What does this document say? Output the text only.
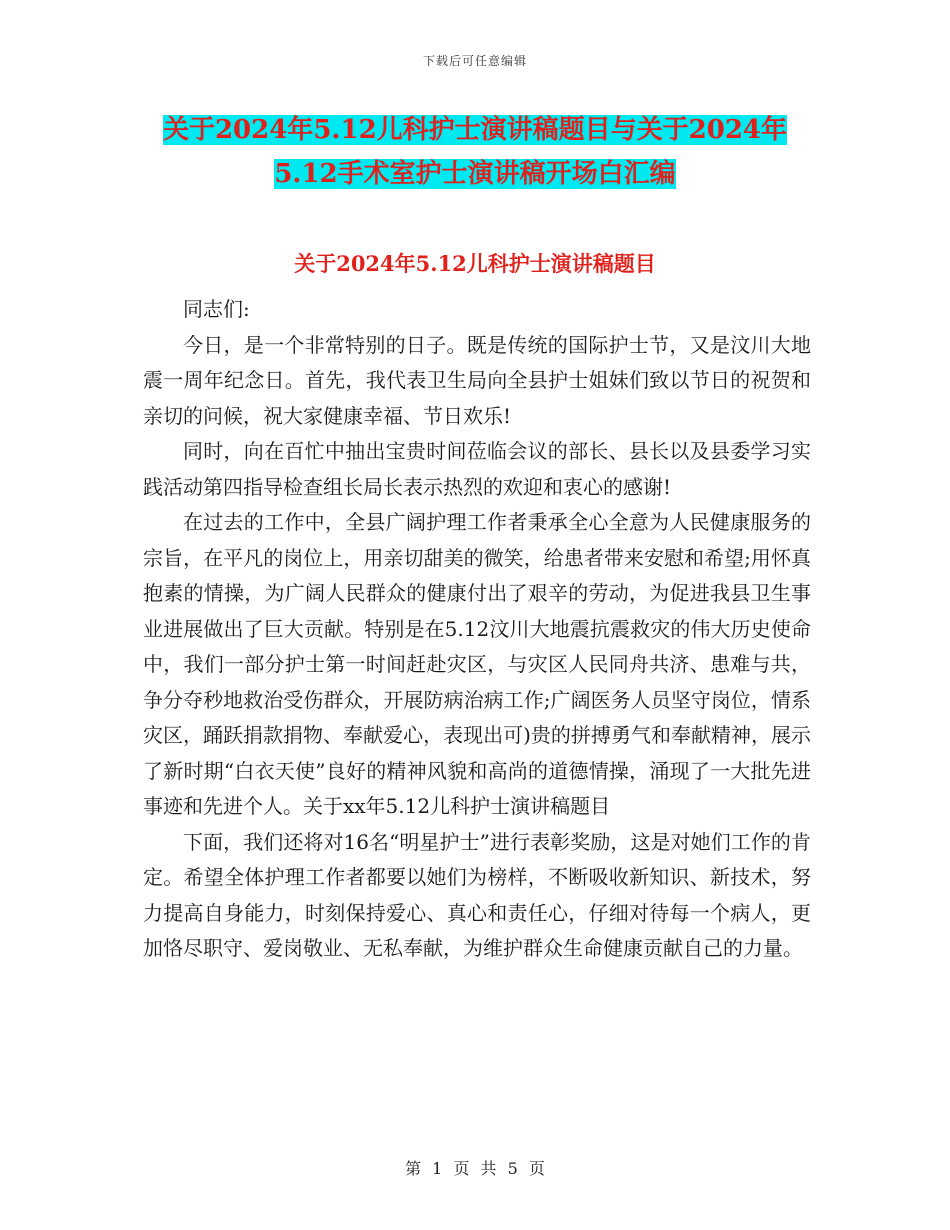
下载后可任意编辑
关于2024年5.12儿科护士演讲稿题目与关于2024年
5.12手术室护士演讲稿开场白汇编
关于2024年5.12儿科护士演讲稿题目

同志们:

今日，是一个非常特别的日子。既是传统的国际护士节，又是汶川大地震一周年纪念日。首先，我代表卫生局向全县护士姐妹们致以节日的祝贺和亲切的问候，祝大家健康幸福、节日欢乐!

同时，向在百忙中抽出宝贵时间莅临会议的部长、县长以及县委学习实践活动第四指导检查组长局长表示热烈的欢迎和衷心的感谢!

在过去的工作中，全县广阔护理工作者秉承全心全意为人民健康服务的宗旨，在平凡的岗位上，用亲切甜美的微笑，给患者带来安慰和希望;用怀真抱素的情操，为广阔人民群众的健康付出了艰辛的劳动，为促进我县卫生事业进展做出了巨大贡献。特别是在5.12汶川大地震抗震救灾的伟大历史使命中，我们一部分护士第一时间赶赴灾区，与灾区人民同舟共济、患难与共，争分夺秒地救治受伤群众，开展防病治病工作;广阔医务人员坚守岗位，情系灾区，踊跃捐款捐物、奉献爱心，表现出可)贵的拼搏勇气和奉献精神，展示了新时期“白衣天使”良好的精神风貌和高尚的道德情操，涌现了一大批先进事迹和先进个人。关于xx年5.12儿科护士演讲稿题目

下面，我们还将对16名“明星护士”进行表彰奖励，这是对她们工作的肯定。希望全体护理工作者都要以她们为榜样，不断吸收新知识、新技术，努力提高自身能力，时刻保持爱心、真心和责任心，仔细对待每一个病人，更加恪尽职守、爱岗敬业、无私奉献，为维护群众生命健康贡献自己的力量。

第 1 页 共 5 页
